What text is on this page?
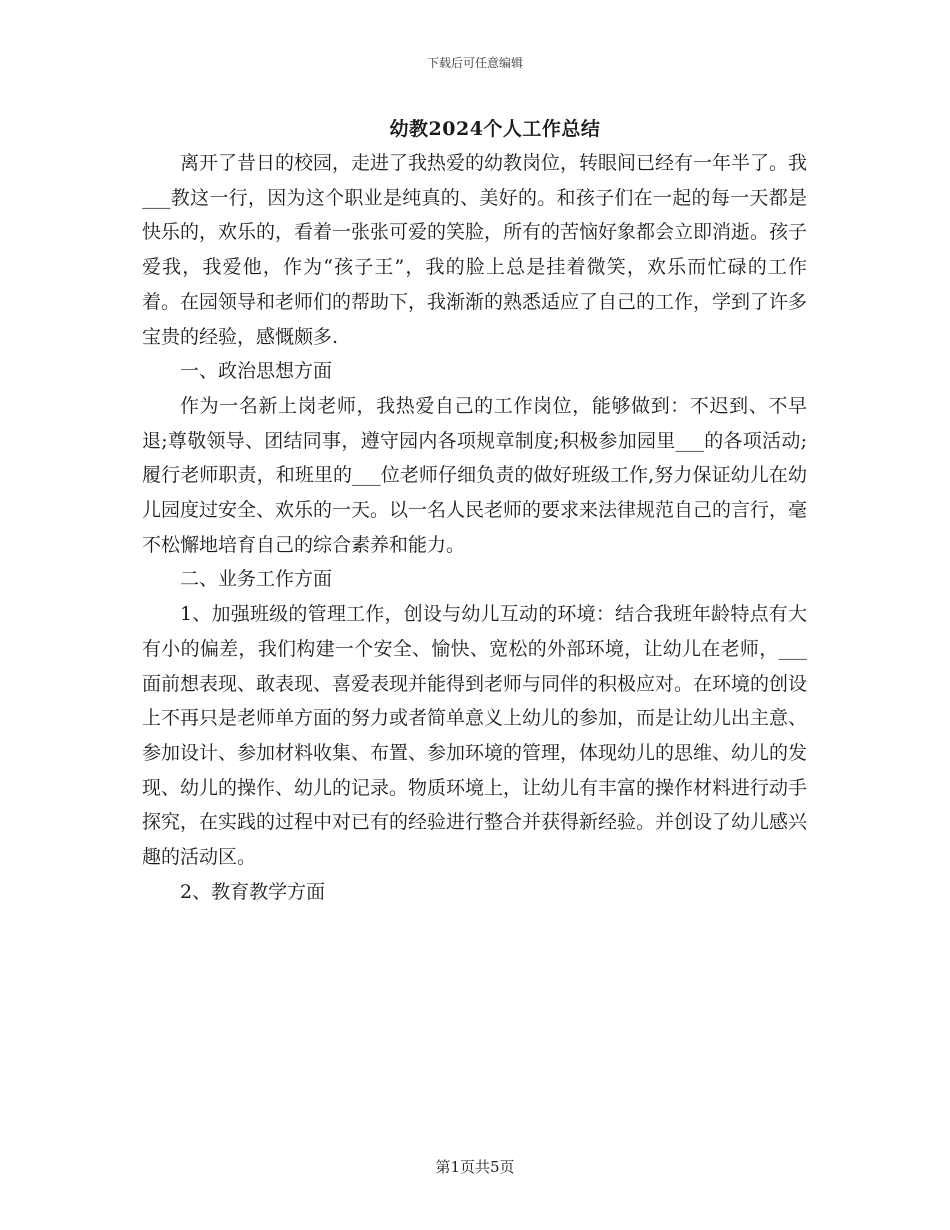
下载后可任意编辑
幼教2024个人工作总结

离开了昔日的校园，走进了我热爱的幼教岗位，转眼间已经有一年半了。我___教这一行，因为这个职业是纯真的、美好的。和孩子们在一起的每一天都是快乐的，欢乐的，看着一张张可爱的笑脸，所有的苦恼好象都会立即消逝。孩子爱我，我爱他，作为“孩子王”，我的脸上总是挂着微笑，欢乐而忙碌的工作着。在园领导和老师们的帮助下，我渐渐的熟悉适应了自己的工作，学到了许多宝贵的经验，感慨颇多.

一、政治思想方面

作为一名新上岗老师，我热爱自己的工作岗位，能够做到：不迟到、不早退;尊敬领导、团结同事，遵守园内各项规章制度;积极参加园里___的各项活动;履行老师职责，和班里的___位老师仔细负责的做好班级工作,努力保证幼儿在幼儿园度过安全、欢乐的一天。以一名人民老师的要求来法律规范自己的言行，毫不松懈地培育自己的综合素养和能力。

二、业务工作方面

1、加强班级的管理工作，创设与幼儿互动的环境：结合我班年龄特点有大有小的偏差，我们构建一个安全、愉快、宽松的外部环境，让幼儿在老师，___面前想表现、敢表现、喜爱表现并能得到老师与同伴的积极应对。在环境的创设上不再只是老师单方面的努力或者简单意义上幼儿的参加，而是让幼儿出主意、参加设计、参加材料收集、布置、参加环境的管理，体现幼儿的思维、幼儿的发现、幼儿的操作、幼儿的记录。物质环境上，让幼儿有丰富的操作材料进行动手探究，在实践的过程中对已有的经验进行整合并获得新经验。并创设了幼儿感兴趣的活动区。

2、教育教学方面

第1页共5页
